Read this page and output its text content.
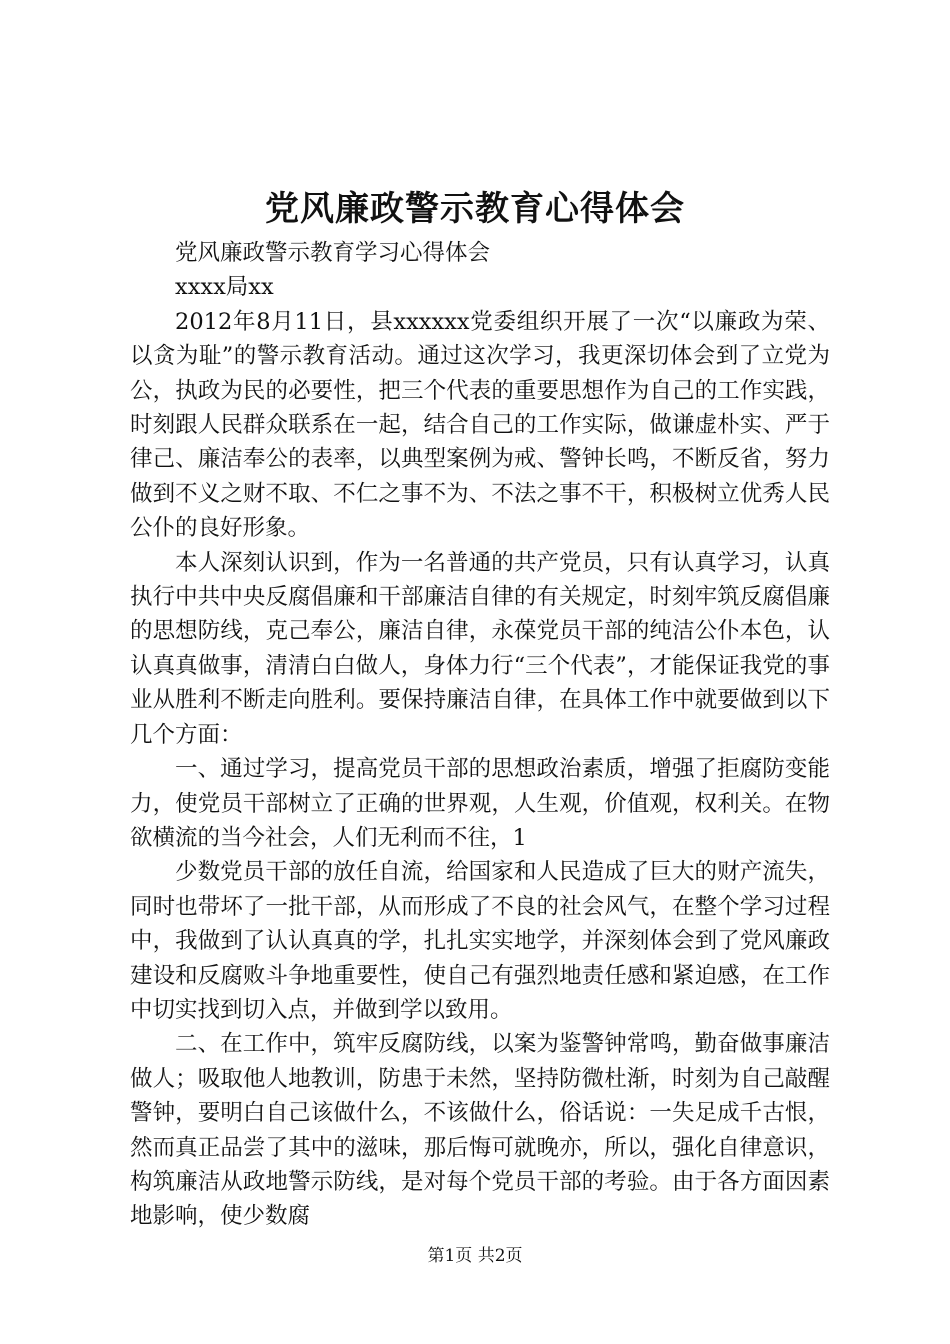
党风廉政警示教育心得体会

党风廉政警示教育学习心得体会

xxxx局xx

2012年8月11日，县xxxxxx党委组织开展了一次“以廉政为荣、以贪为耻”的警示教育活动。通过这次学习，我更深切体会到了立党为公，执政为民的必要性，把三个代表的重要思想作为自己的工作实践，时刻跟人民群众联系在一起，结合自己的工作实际，做谦虚朴实、严于律己、廉洁奉公的表率，以典型案例为戒、警钟长鸣，不断反省，努力做到不义之财不取、不仁之事不为、不法之事不干，积极树立优秀人民公仆的良好形象。

本人深刻认识到，作为一名普通的共产党员，只有认真学习，认真执行中共中央反腐倡廉和干部廉洁自律的有关规定，时刻牢筑反腐倡廉的思想防线，克己奉公，廉洁自律，永葆党员干部的纯洁公仆本色，认认真真做事，清清白白做人，身体力行“三个代表”，才能保证我党的事业从胜利不断走向胜利。要保持廉洁自律，在具体工作中就要做到以下几个方面：

一、通过学习，提高党员干部的思想政治素质，增强了拒腐防变能力，使党员干部树立了正确的世界观，人生观，价值观，权利关。在物欲横流的当今社会，人们无利而不往，1

少数党员干部的放任自流，给国家和人民造成了巨大的财产流失，同时也带坏了一批干部，从而形成了不良的社会风气，在整个学习过程中，我做到了认认真真的学，扎扎实实地学，并深刻体会到了党风廉政建设和反腐败斗争地重要性，使自己有强烈地责任感和紧迫感，在工作中切实找到切入点，并做到学以致用。

二、在工作中，筑牢反腐防线，以案为鉴警钟常鸣，勤奋做事廉洁做人；吸取他人地教训，防患于未然，坚持防微杜渐，时刻为自己敲醒警钟，要明白自己该做什么，不该做什么，俗话说：一失足成千古恨，然而真正品尝了其中的滋味，那后悔可就晚亦，所以，强化自律意识，构筑廉洁从政地警示防线，是对每个党员干部的考验。由于各方面因素地影响，使少数腐

第1页 共2页
